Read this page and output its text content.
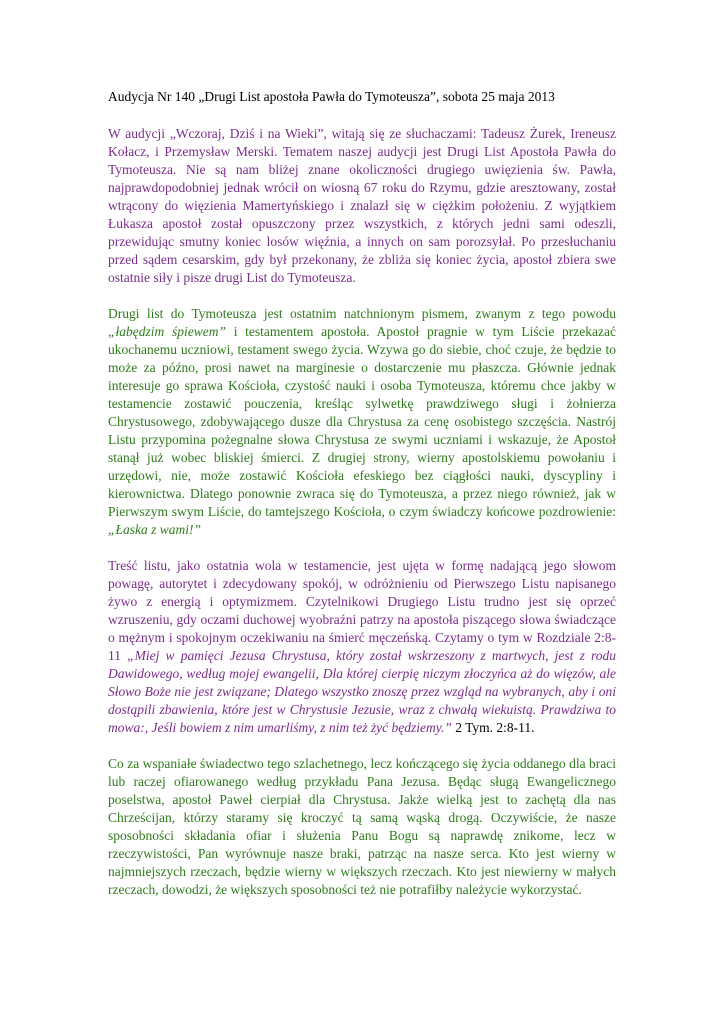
Audycja Nr 140 „Drugi List apostoła Pawła do Tymoteusza”, sobota 25 maja 2013

W audycji „Wczoraj, Dziś i na Wieki”, witają się ze słuchaczami: Tadeusz Żurek, Ireneusz Kołacz, i Przemysław Merski. Tematem naszej audycji jest Drugi List Apostoła Pawła do Tymoteusza. Nie są nam bliżej znane okoliczności drugiego uwięzienia św. Pawła, najprawdopodobniej jednak wrócił on wiosną 67 roku do Rzymu, gdzie aresztowany, został wtrącony do więzienia Mamertyńskiego i znalazł się w ciężkim położeniu. Z wyjątkiem Łukasza apostoł został opuszczony przez wszystkich, z których jedni sami odeszli, przewidując smutny koniec losów więźnia, a innych on sam porozsyłał. Po przesłuchaniu przed sądem cesarskim, gdy był przekonany, że zbliża się koniec życia, apostoł zbiera swe ostatnie siły i pisze drugi List do Tymoteusza.

Drugi list do Tymoteusza jest ostatnim natchnionym pismem, zwanym z tego powodu „łabędzim śpiewem” i testamentem apostoła. Apostoł pragnie w tym Liście przekazać ukochanemu uczniowi, testament swego życia. Wzywa go do siebie, choć czuje, że będzie to może za późno, prosi nawet na marginesie o dostarczenie mu płaszcza. Głównie jednak interesuje go sprawa Kościoła, czystość nauki i osoba Tymoteusza, któremu chce jakby w testamencie zostawić pouczenia, kreśląc sylwetkę prawdziwego sługi i żołnierza Chrystusowego, zdobywającego dusze dla Chrystusa za cenę osobistego szczęścia. Nastrój Listu przypomina pożegnalne słowa Chrystusa ze swymi uczniami i wskazuje, że Apostoł stanął już wobec bliskiej śmierci. Z drugiej strony, wierny apostolskiemu powołaniu i urzędowi, nie, może zostawić Kościoła efeskiego bez ciągłości nauki, dyscypliny i kierownictwa. Dlatego ponownie zwraca się do Tymoteusza, a przez niego również, jak w Pierwszym swym Liście, do tamtejszego Kościoła, o czym świadczy końcowe pozdrowienie: „Łaska z wami!”

Treść listu, jako ostatnia wola w testamencie, jest ujęta w formę nadającą jego słowom powagę, autorytet i zdecydowany spokój, w odróżnieniu od Pierwszego Listu napisanego żywo z energią i optymizmem. Czytelnikowi Drugiego Listu trudno jest się oprzeć wzruszeniu, gdy oczami duchowej wyobraźni patrzy na apostoła piszącego słowa świadczące o mężnym i spokojnym oczekiwaniu na śmierć męczeńską. Czytamy o tym w Rozdziale 2:8-11 „Miej w pamięci Jezusa Chrystusa, który został wskrzeszony z martwych, jest z rodu Dawidowego, według mojej ewangelii, Dla której cierpię niczym złoczyńca aż do więzów, ale Słowo Boże nie jest związane; Dlatego wszystko znoszę przez wzgląd na wybranych, aby i oni dostąpili zbawienia, które jest w Chrystusie Jezusie, wraz z chwałą wiekuistą. Prawdziwa to mowa:, Jeśli bowiem z nim umarliśmy, z nim też żyć będziemy.” 2 Tym. 2:8-11.

Co za wspaniałe świadectwo tego szlachetnego, lecz kończącego się życia oddanego dla braci lub raczej ofiarowanego według przykładu Pana Jezusa. Będąc sługą Ewangelicznego poselstwa, apostoł Paweł cierpiał dla Chrystusa. Jakże wielką jest to zachętą dla nas Chrześcijan, którzy staramy się kroczyć tą samą wąską drogą. Oczywiście, że nasze sposobności składania ofiar i służenia Panu Bogu są naprawdę znikome, lecz w rzeczywistości, Pan wyrównuje nasze braki, patrząc na nasze serca. Kto jest wierny w najmniejszych rzeczach, będzie wierny w większych rzeczach. Kto jest niewierny w małych rzeczach, dowodzi, że większych sposobności też nie potrafiłby należycie wykorzystać.
